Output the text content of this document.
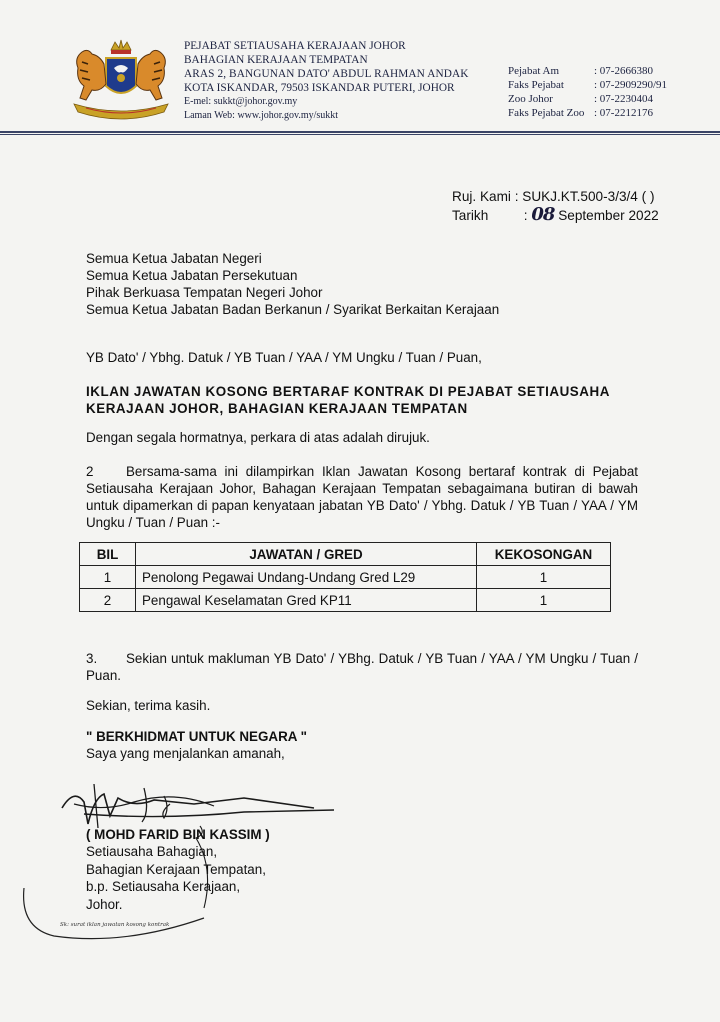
PEJABAT SETIAUSAHA KERAJAAN JOHOR
BAHAGIAN KERAJAAN TEMPATAN
ARAS 2, BANGUNAN DATO' ABDUL RAHMAN ANDAK
KOTA ISKANDAR, 79503 ISKANDAR PUTERI, JOHOR
E-mel: sukkt@johor.gov.my
Laman Web: www.johor.gov.my/sukkt
Pejabat Am	: 07-2666380
Faks Pejabat	: 07-2909290/91
Zoo Johor	: 07-2230404
Faks Pejabat Zoo	: 07-2212176
Ruj. Kami : SUKJ.KT.500-3/3/4 ( )
Tarikh	: 08 September 2022
Semua Ketua Jabatan Negeri
Semua Ketua Jabatan Persekutuan
Pihak Berkuasa Tempatan Negeri Johor
Semua Ketua Jabatan Badan Berkanun / Syarikat Berkaitan Kerajaan
YB Dato' / Ybhg. Datuk / YB Tuan / YAA / YM Ungku / Tuan / Puan,
IKLAN JAWATAN KOSONG BERTARAF KONTRAK DI PEJABAT SETIAUSAHA
KERAJAAN JOHOR, BAHAGIAN KERAJAAN TEMPATAN
Dengan segala hormatnya, perkara di atas adalah dirujuk.
2 Bersama-sama ini dilampirkan Iklan Jawatan Kosong bertaraf kontrak di Pejabat Setiausaha Kerajaan Johor, Bahagan Kerajaan Tempatan sebagaimana butiran di bawah untuk dipamerkan di papan kenyataan jabatan YB Dato' / Ybhg. Datuk / YB Tuan / YAA / YM Ungku / Tuan / Puan :-
BIL	JAWATAN / GRED	KEKOSONGAN
1	Penolong Pegawai Undang-Undang Gred L29	1
2	Pengawal Keselamatan Gred KP11	1
3. Sekian untuk makluman YB Dato' / YBhg. Datuk / YB Tuan / YAA / YM Ungku / Tuan / Puan.
Sekian, terima kasih.
" BERKHIDMAT UNTUK NEGARA "
Saya yang menjalankan amanah,
( MOHD FARID BIN KASSIM )
Setiausaha Bahagian,
Bahagian Kerajaan Tempatan,
b.p. Setiausaha Kerajaan,
Johor.
Sk: surat iklan jawatan kosong kontrak
